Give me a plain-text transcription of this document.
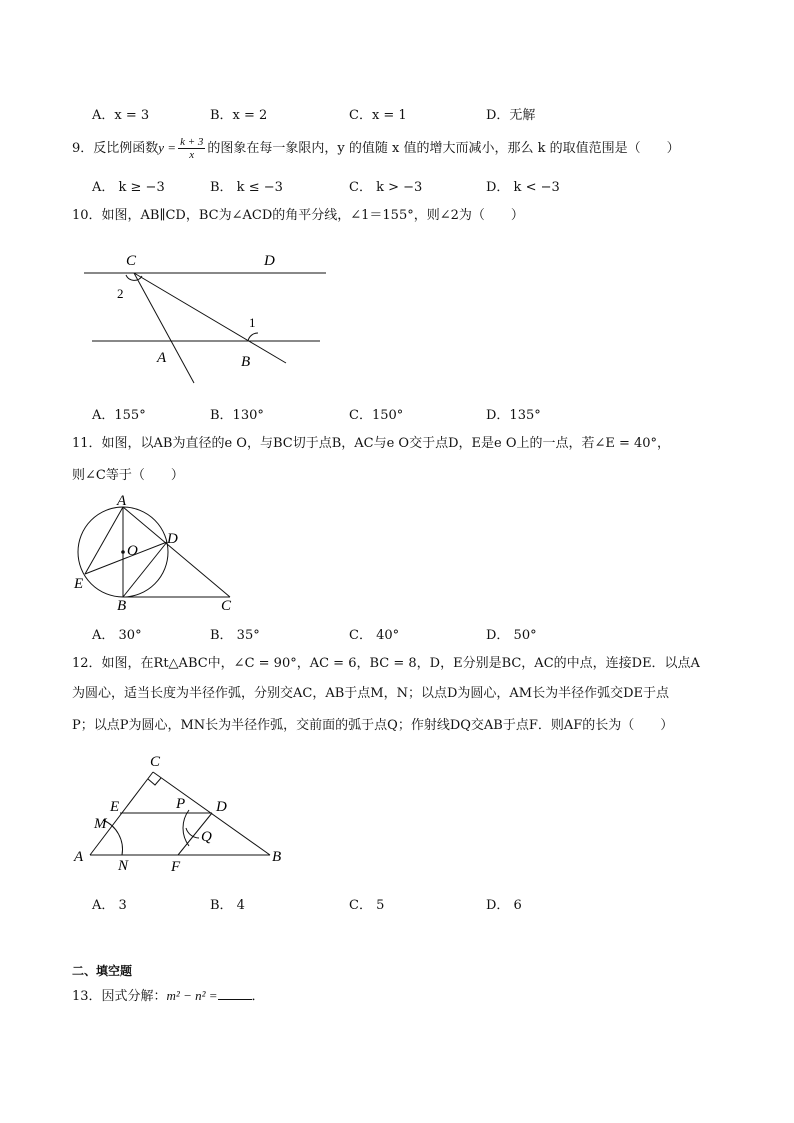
A．x = 3	B．x = 2	C．x = 1	D．无解
9．反比例函数$y = \frac{k + 3}{x}$ 的图象在每一象限内，y 的值随 x 值的增大而减小，那么 k 的取值范围是（　　）
A． k ≥ −3	B． k ≤ −3	C． k > −3	D． k < −3
10．如图，AB∥CD，BC为∠ACD的角平分线，∠1＝155°，则∠2为（　　）
C	D
2
1
A	B
A．155°	B．130°	C．150°	D．135°
11．如图，以AB为直径的e O，与BC切于点B，AC与e O交于点D，E是e O上的一点，若∠E = 40°，
则∠C等于（　　）
A
O
D
E
B	C
A． 30°	B． 35°	C． 40°	D． 50°
12．如图，在Rt△ABC中，∠C = 90°，AC = 6，BC = 8，D，E分别是BC，AC的中点，连接DE．以点A
为圆心，适当长度为半径作弧，分别交AC，AB于点M，N；以点D为圆心，AM长为半径作弧交DE于点
P；以点P为圆心，MN长为半径作弧，交前面的弧于点Q；作射线DQ交AB于点F．则AF的长为（　　）
C
E	P D
M
Q
A
N	F
B
A． 3	B． 4	C． 5	D． 6
二、填空题
13．因式分解：m² − n² =	．
